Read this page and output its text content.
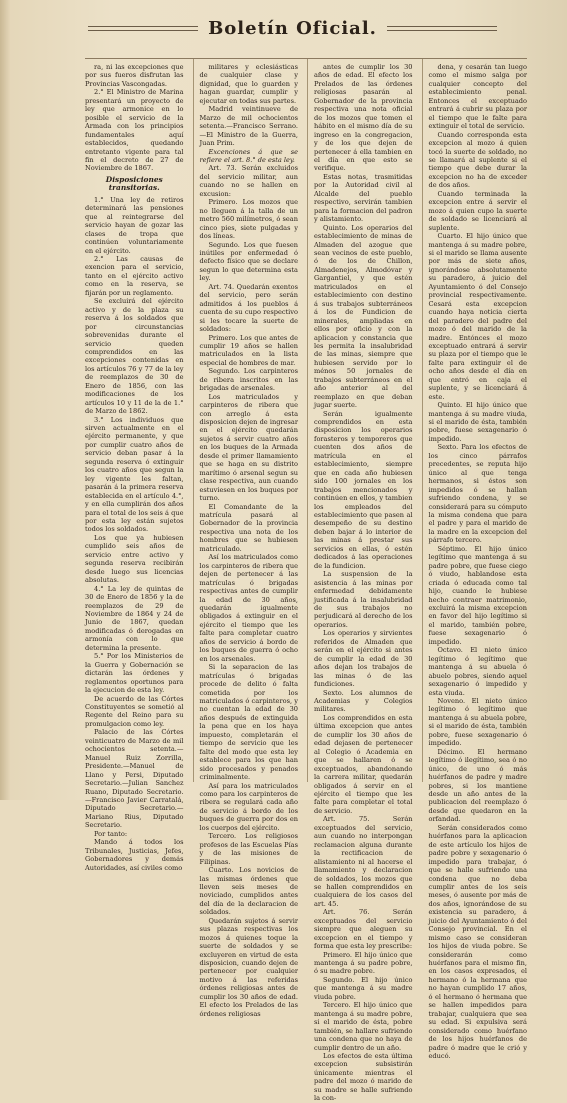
Boletín Oficial.

ra, ni las excepciones que por sus fueros disfrutan las Provincias Vascongadas.

2.° El Ministro de Marina presentará un proyecto de ley que armonice en lo posible el servicio de la Armada con los principios fundamentales aquí establecidos, quedando entretanto vigente para tal fin el decreto de 27 de Noviembre de 1867.

Disposiciones transitorias.

1.° Una ley de retiros determinará las pensiones que al reintegrarse del servicio hayan de gozar las clases de tropa que continúen voluntariamente en el ejército.

2.° Las causas de exencion para el servicio, tanto en el ejército activo como en la reserva, se fijarán por un reglamento.

Se excluirá del ejército activo y de la plaza su reserva á los soldados que por circunstancias sobrevenidas durante el servicio queden comprendidos en las excepciones contenidas en los artículos 76 y 77 de la ley de reemplazos de 30 de Enero de 1856, con las modificaciones de los artículos 10 y 11 de la de 1.° de Marzo de 1862.

3.° Los individuos que sirven actualmente en el ejército permanente, y que por cumplir cuatro años de servicio deban pasar á la segunda reserva ó extinguir los cuatro años que segun la ley vigente les faltan, pasarán á la primera reserva establecida en el artículo 4.°, y en ella cumplirán dos años para el total de los seis á que por esta ley están sujetos todos los soldados.

Los que ya hubiesen cumplido seis años de servicio entre activo y segunda reserva recibirán desde luego sus licencias absolutas.

4.° La ley de quintas de 30 de Enero de 1856 y la de reemplazos de 29 de Noviembre de 1864 y 24 de Junio de 1867, quedan modificadas ó derogadas en armonía con lo que determina la presente.

5.° Por los Ministerios de la Guerra y Gobernación se dictarán las órdenes y reglamentos oportunos para la ejecucion de esta ley.

De acuerdo de las Córtes Constituyentes se sometió al Regente del Reino para su promulgacion como ley.

Palacio de las Córtes veinticuatro de Marzo de mil ochocientos setenta.—Manuel Ruiz Zorrilla, Presidente.—Manuel de Llano y Persi, Diputado Secretario.—Julian Sanchez Ruano, Diputado Secretario.—Francisco Javier Carratalá, Diputado Secretario.—Mariano Rius, Diputado Secretario.

Por tanto:

Mando á todos los Tribunales, Justicias, Jefes, Gobernadores y demás Autoridades, así civiles como

militares y eclesiásticas de cualquier clase y dignidad, que lo guarden y hagan guardar, cumplir y ejecutar en todas sus partes.

Madrid veintinueve de Marzo de mil ochocientos setenta.—Francisco Serrano.—El Ministro de la Guerra, Juan Prim.

Excenciones á que se refiere el art. 8.° de esta ley.

Art. 73. Serán excluidos del servicio militar, aun cuando no se hallen en excusion:

Primero. Los mozos que no lleguen á la talla de un metro 560 milímetros, ó sean cinco pies, siete pulgadas y dos líneas.

Segundo. Los que fuesen inútiles por enfermedad ó defecto físico que se declare segun lo que determina esta ley.

Art. 74. Quedarán exentos del servicio, pero serán admitidos á los pueblos á cuenta de su cupo respectivo si les tocare la suerte de soldados:

Primero. Los que antes de cumplir 19 años se hallen matriculados en la lista especial de hombres de mar.

Segundo. Los carpinteros de ribera inscritos en las brigadas de arsenales.

Los matriculados y carpinteros de ribera que con arreglo á esta disposicion dejen de ingresar en el ejército quedarán sujetos á servir cuatro años en los buques de la Armada desde el primer llamamiento que se haga en su distrito marítimo ó arsenal segun su clase respectiva, aun cuando estuviesen en los buques por turno.

El Comandante de la matrícula pasará al Gobernador de la provincia respectiva una nota de los hombres que se hubiesen matriculado.

Así los matriculados como los carpinteros de ribera que dejen de pertenecer á las matrículas ó brigadas respectivas antes de cumplir la edad de 30 años, quedarán igualmente obligados á extinguir en el ejército el tiempo que les falte para completar cuatro años de servicio á bordo de los buques de guerra ó ocho en los arsenales.

Si la separacion de las matrículas ó brigadas procede de delito ó falta cometida por los matriculados ó carpinteros, y no cuentan la edad de 30 años después de extinguida la pena que en los haya impuesto, completarán el tiempo de servicio que les falte del modo que esta ley establece para los que han sido procesados y penados criminalmente.

Así para los matriculados como para los carpinteros de ribera se regulará cada año de servicio á bordo de los buques de guerra por dos en los cuerpos del ejército.

Tercero. Los religiosos profesos de las Escuelas Pías y de las misiones de Filipinas.

Cuarto. Los novicios de las mismas órdenes que lleven seis meses de noviciado, cumplidos antes del día de la declaracion de soldados.

Quedarán sujetos á servir sus plazas respectivas los mozos á quienes toque la suerte de soldados y se excluyeren en virtud de esta disposicion, cuando dejen de pertenecer por cualquier motivo á las referidas órdenes religiosas antes de cumplir los 30 años de edad. El efecto los Prelados de las órdenes religiosas

antes de cumplir los 30 años de edad. El efecto los Prelados de las órdenes religiosas pasarán al Gobernador de la provincia respectiva una nota oficial de los mozos que tomen el hábito en el mismo día de su ingreso en la congregacion, y de los que dejen de pertenecer á ella tambien en el día en que esto se verifique.

Estas notas, trasmitidas por la Autoridad civil al Alcalde del pueblo respectivo, servirán tambien para la formacion del padron y alistamiento.

Quinto. Los operarios del establecimiento de minas de Almaden del azogue que sean vecinos de este pueblo, ó de los de Chillon, Almadenejos, Almodóvar y Gargantiel, y que estén matriculados en el establecimiento con destino á sus trabajos subterráneos á los de Fundicion de minerales, ampliadas en ellos por oficio y con la aplicacion y constancia que les permita la insalubridad de las minas, siempre que hubiesen servido por lo ménos 50 jornales de trabajos subterráneos en el año anterior al del reemplazo en que deban jugar suerte.

Serán igualmente comprendidos en esta disposicion los operarios forasteros y temporeros que cuenten dos años de matrícula en el establecimiento, siempre que en cada año hubiesen sido 100 jornales en los trabajos mencionados y continúen en ellos, y tambien los empleados del establecimiento que pasen al desempeño de su destino deben bajar á lo interior de las minas á prestar sus servicios en ellas, ó estén dedicados á las operaciones de la fundicion.

La suspension de la asistencia á las minas por enfermedad debidamente justificada á la insalubridad de sus trabajos no perjudicará al derecho de los operarios.

Los operarios y sirvientes referidos de Almaden que serán en el ejército si antes de cumplir la edad de 30 años dejan los trabajos de las minas ó de las fundiciones.

Sexto. Los alumnos de Academias y Colegios militares.

Los comprendidos en esta última excepcion que antes de cumplir los 30 años de edad dejasen de pertenecer al Colegio ó Academia en que se hallaren ó se exceptuados, abandonando la carrera militar, quedarán obligados á servir en el ejército el tiempo que les falte para completar el total de servicio.

Art. 75. Serán exceptuados del servicio, aun cuando no interpongan reclamacion alguna durante la rectificacion de alistamiento ni al hacerse el llamamiento y declaracion de soldados, los mozos que se hallen comprendidos en cualquiera de los casos del art. 45.

Art. 76. Serán exceptuados del servicio siempre que aleguen su excepcion en el tiempo y forma que esta ley prescribe:

Primero. El hijo único que mantenga á su padre pobre, ó su madre pobre.

Segundo. El hijo único que mantenga á su madre viuda pobre.

Tercero. El hijo único que mantenga á su madre pobre, si el marido de ésta, pobre también, se hallare sufriendo una condena que no haya de cumplir dentro de un año.

Los efectos de esta última excepcion subsistirán únicamente mientras el padre del mozo ó marido de su madre se halle sufriendo la con-

dena, y cesarán tan luego como el mismo salga por cualquier concepto del establecimiento penal. Entonces el exceptuado entrará á cubrir su plaza por el tiempo que le falte para extinguir el total de servicio.

Cuando corresponda esta excepcion al mozo á quien tocó la suerte de soldado, no se llamará al suplente si el tiempo que debe durar la excepcion no ha de exceder de dos años.

Cuando terminada la excepcion entre á servir el mozo á quien cupo la suerte de soldado se licenciará al suplente.

Cuarto. El hijo único que mantenga á su madre pobre, si el marido se llama ausente por más de siete años, ignorándose absolutamente su paradero, á juicio del Ayuntamiento ó del Consejo provincial respectivamente. Cesará esta excepcion cuando haya noticia cierta del paradero del padre del mozo ó del marido de la madre. Entónces el mozo exceptuado entrará á servir su plaza por el tiempo que le falte para extinguir el de ocho años desde el día en que entró en caja el suplente, y se licenciará á este.

Quinto. El hijo único que mantenga á su madre viuda, si el marido de ésta, también pobre, fuese sexagenario ó impedido.

Sexto. Para los efectos de los cinco párrafos precedentes, se reputa hijo único al que tenga hermanos, si éstos son impedidos ó se hallan sufriendo condena, y se considerará para su cómputo la misma condena que para el padre y para el marido de la madre en la excepcion del párrafo tercero.

Séptimo. El hijo único legítimo que mantenga á su padre pobre, que fuese ciego ó viudo, hablandose esta criada ó educada como tal hijo, cuando le hubiese hecho contraer matrimonio, excluirá la misma excepcion en favor del hijo legítimo si el marido, también pobre, fuese sexagenario ó impedido.

Octavo. El nieto único legítimo ó legítimo que mantenga á su abuela ó abuelo pobres, siendo aquel sexagenario ó impedido y esta viuda.

Noveno. El nieto único legítimo ó legítimo que mantenga á su abuela pobre, si el marido de ésta, también pobre, fuese sexagenario ó impedido.

Décimo. El hermano legítimo ó ilegítimo, sea ó no único, de uno ó más huérfanos de padre y madre pobres, si los mantiene desde un año antes de la publicacion del reemplazo ó desde que quedaron en la orfandad.

Serán considerados como huérfanos para la aplicacion de este artículo los hijos de padre pobre y sexagenario ó impedido para trabajar, ó que se halle sufriendo una condena que no deba cumplir antes de los seis meses, ó ausente por más de dos años, ignorándose de su existencia su paradero, á juicio del Ayuntamiento ó del Consejo provincial. En el mismo caso se consideran los hijos de viuda pobre. Se considerarán como huérfanos para el mismo fin, en los casos expresados, el hermano ó la hermana que no hayan cumplido 17 años, ó el hermano ó hermana que se hallen impedidos para trabajar, cualquiera que sea su edad. Si expulsiva será considerado como huérfano de los hijos huérfanos de padre ó madre que le crió y educó.
